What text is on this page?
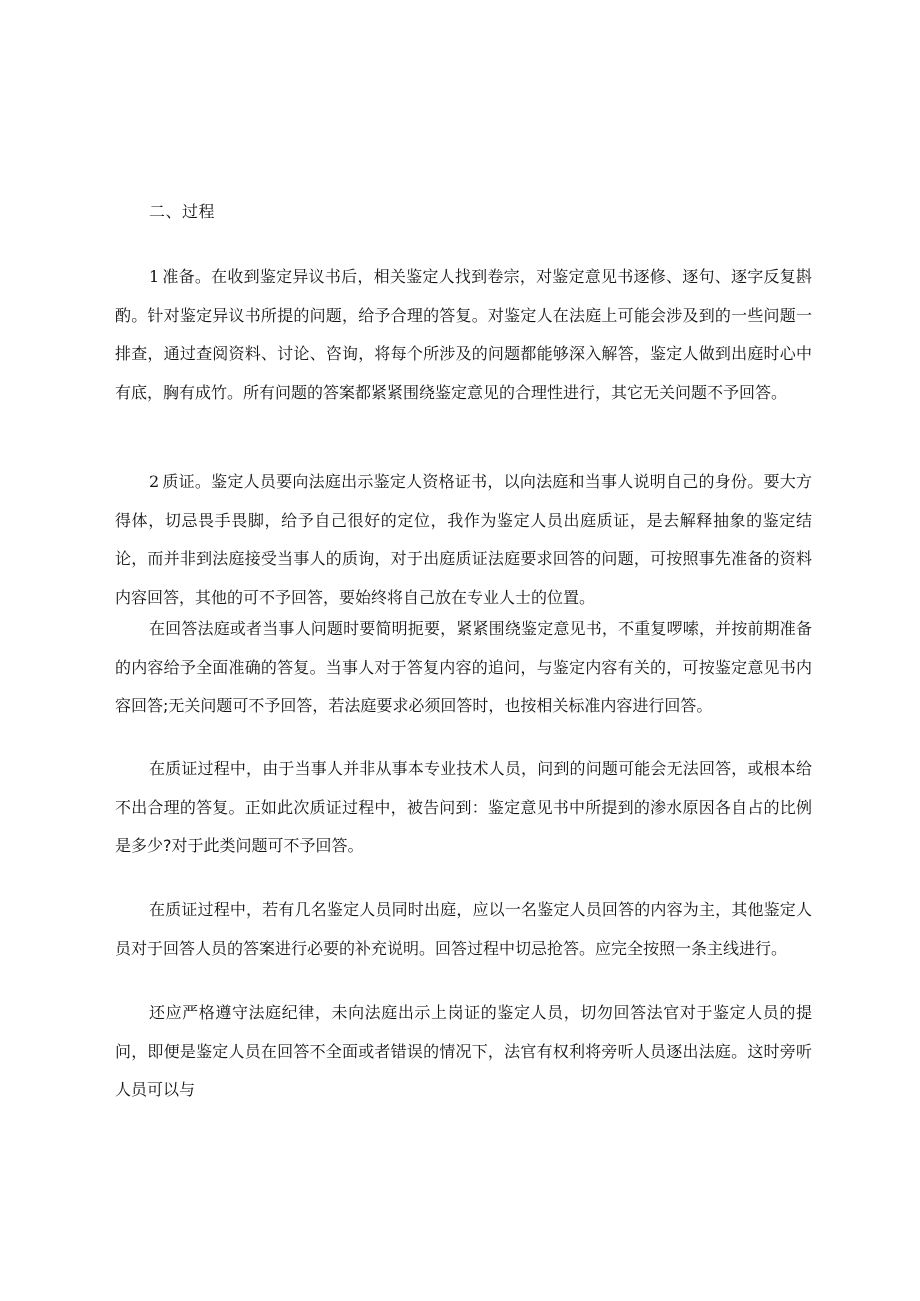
二、过程

1 准备。在收到鉴定异议书后，相关鉴定人找到卷宗，对鉴定意见书逐修、逐句、逐字反复斟酌。针对鉴定异议书所提的问题，给予合理的答复。对鉴定人在法庭上可能会涉及到的一些问题一排查，通过查阅资料、讨论、咨询，将每个所涉及的问题都能够深入解答，鉴定人做到出庭时心中有底，胸有成竹。所有问题的答案都紧紧围绕鉴定意见的合理性进行，其它无关问题不予回答。

2 质证。鉴定人员要向法庭出示鉴定人资格证书，以向法庭和当事人说明自己的身份。要大方得体，切忌畏手畏脚，给予自己很好的定位，我作为鉴定人员出庭质证，是去解释抽象的鉴定结论，而并非到法庭接受当事人的质询，对于出庭质证法庭要求回答的问题，可按照事先准备的资料内容回答，其他的可不予回答，要始终将自己放在专业人士的位置。

在回答法庭或者当事人问题时要简明扼要，紧紧围绕鉴定意见书，不重复啰嗦，并按前期准备的内容给予全面准确的答复。当事人对于答复内容的追问，与鉴定内容有关的，可按鉴定意见书内容回答;无关问题可不予回答，若法庭要求必须回答时，也按相关标准内容进行回答。

在质证过程中，由于当事人并非从事本专业技术人员，问到的问题可能会无法回答，或根本给不出合理的答复。正如此次质证过程中，被告问到：鉴定意见书中所提到的渗水原因各自占的比例是多少?对于此类问题可不予回答。

在质证过程中，若有几名鉴定人员同时出庭，应以一名鉴定人员回答的内容为主，其他鉴定人员对于回答人员的答案进行必要的补充说明。回答过程中切忌抢答。应完全按照一条主线进行。

还应严格遵守法庭纪律，未向法庭出示上岗证的鉴定人员，切勿回答法官对于鉴定人员的提问，即便是鉴定人员在回答不全面或者错误的情况下，法官有权利将旁听人员逐出法庭。这时旁听人员可以与
